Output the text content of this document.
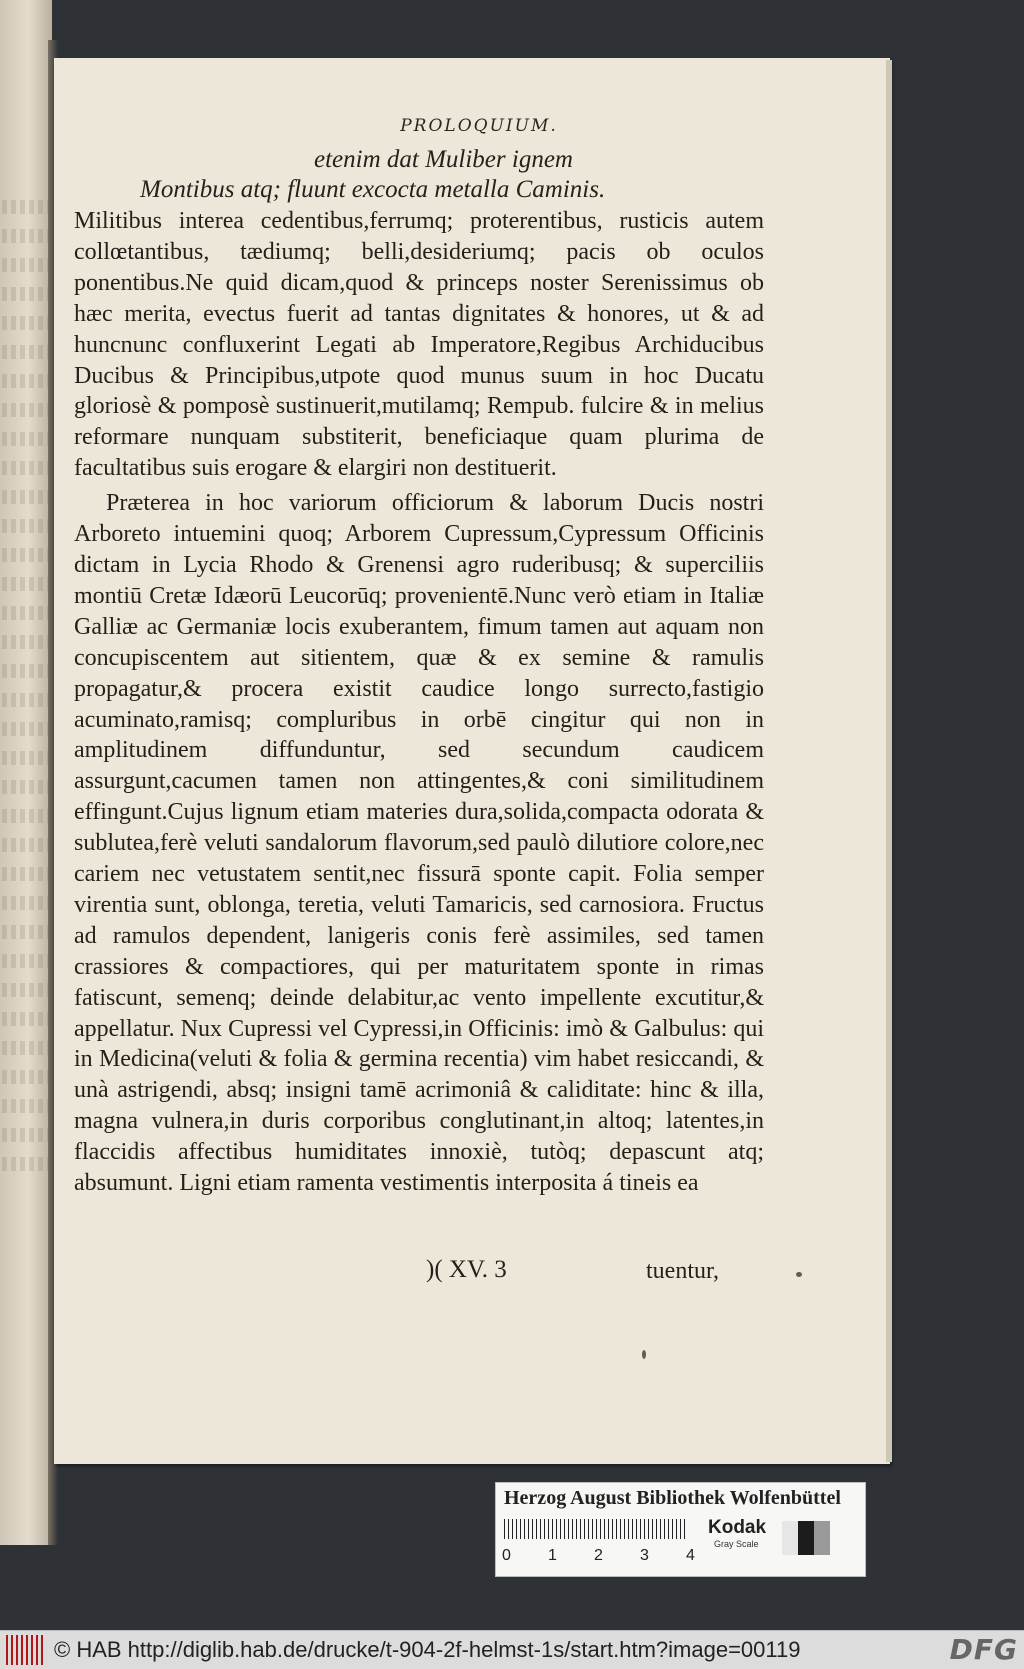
PROLOQUIUM.
etenim dat Muliber ignem
Montibus atq; fluunt excocta metalla Caminis.

Militibus interea cedentibus,ferrumq; proterentibus, rusticis autem collœtantibus, tædiumq; belli,desideriumq; pacis ob oculos ponentibus.Ne quid dicam,quod & princeps noster Serenissimus ob hæc merita, evectus fuerit ad tantas dignitates & honores, ut & ad huncnunc confluxerint Legati ab Imperatore,Regibus Archiducibus Ducibus & Principibus,utpote quod munus suum in hoc Ducatu gloriosè & pomposè sustinuerit,mutilamq; Rempub. fulcire & in melius reformare nunquam substiterit, beneficiaque quam plurima de facultatibus suis erogare & elargiri non destituerit.

Præterea in hoc variorum officiorum & laborum Ducis nostri Arboreto intuemini quoq; Arborem Cupressum,Cypressum Officinis dictam in Lycia Rhodo & Grenensi agro ruderibusq; & superciliis montiū Cretæ Idæorū Leucorūq; provenientē.Nunc verò etiam in Italiæ Galliæ ac Germaniæ locis exuberantem, fimum tamen aut aquam non concupiscentem aut sitientem, quæ & ex semine & ramulis propagatur,& procera existit caudice longo surrecto,fastigio acuminato,ramisq; compluribus in orbē cingitur qui non in amplitudinem diffunduntur, sed secundum caudicem assurgunt,cacumen tamen non attingentes,& coni similitudinem effingunt.Cujus lignum etiam materies dura,solida,compacta odorata & sublutea,ferè veluti sandalorum flavorum,sed paulò dilutiore colore,nec cariem nec vetustatem sentit,nec fissurā sponte capit. Folia semper virentia sunt, oblonga, teretia, veluti Tamaricis, sed carnosiora. Fructus ad ramulos dependent, lanigeris conis ferè assimiles, sed tamen crassiores & compactiores, qui per maturitatem sponte in rimas fatiscunt, semenq; deinde delabitur,ac vento impellente excutitur,& appellatur. Nux Cupressi vel Cypressi,in Officinis: imò & Galbulus: qui in Medicina(veluti & folia & germina recentia) vim habet resiccandi, & unà astrigendi, absq; insigni tamē acrimoniâ & caliditate: hinc & illa, magna vulnera,in duris corporibus conglutinant,in altoq; latentes,in flaccidis affectibus humiditates innoxiè, tutòq; depascunt atq; absumunt. Ligni etiam ramenta vestimentis interposita á tineis ea

)( XV. 3	tuentur,
Herzog August Bibliothek Wolfenbüttel
0 1 2 3 4
Kodak
Gray Scale
© HAB http://diglib.hab.de/drucke/t-904-2f-helmst-1s/start.htm?image=00119	DFG
